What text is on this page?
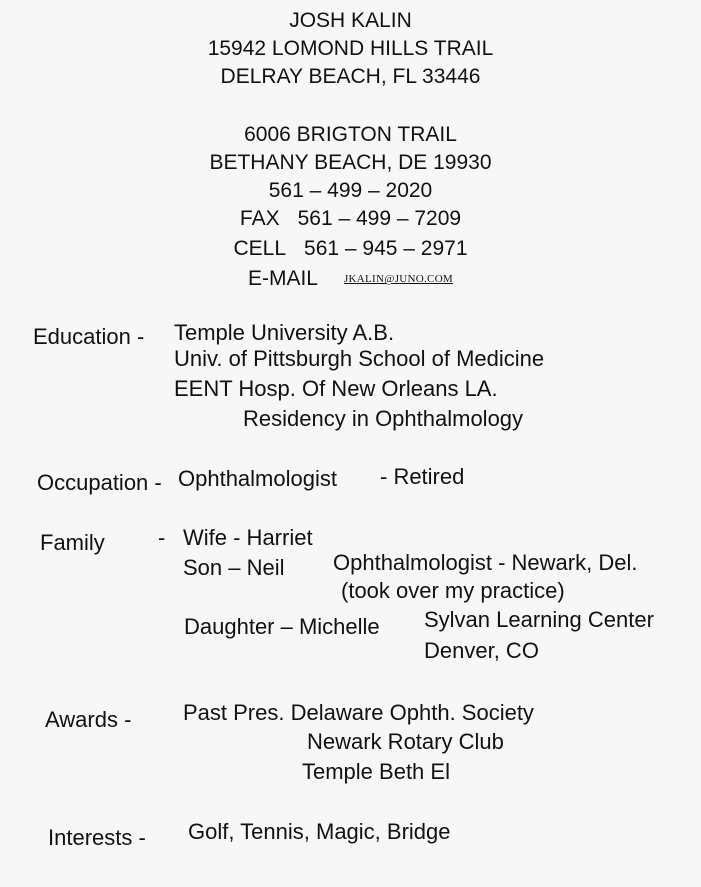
JOSH KALIN
15942 LOMOND HILLS TRAIL
DELRAY BEACH, FL 33446
6006 BRIGTON TRAIL
BETHANY BEACH, DE 19930
561 – 499 – 2020
FAX 561 – 499 – 7209
CELL 561 – 945 – 2971
E-MAIL JKALIN@JUNO.COM
Education - Temple University A.B.
Univ. of Pittsburgh School of Medicine
EENT Hosp. Of New Orleans LA.
Residency in Ophthalmology
Occupation - Ophthalmologist - Retired
Family - Wife - Harriet
Son – Neil Ophthalmologist - Newark, Del.
(took over my practice)
Daughter – Michelle Sylvan Learning Center
Denver, CO
Awards - Past Pres. Delaware Ophth. Society
Newark Rotary Club
Temple Beth El
Interests - Golf, Tennis, Magic, Bridge
